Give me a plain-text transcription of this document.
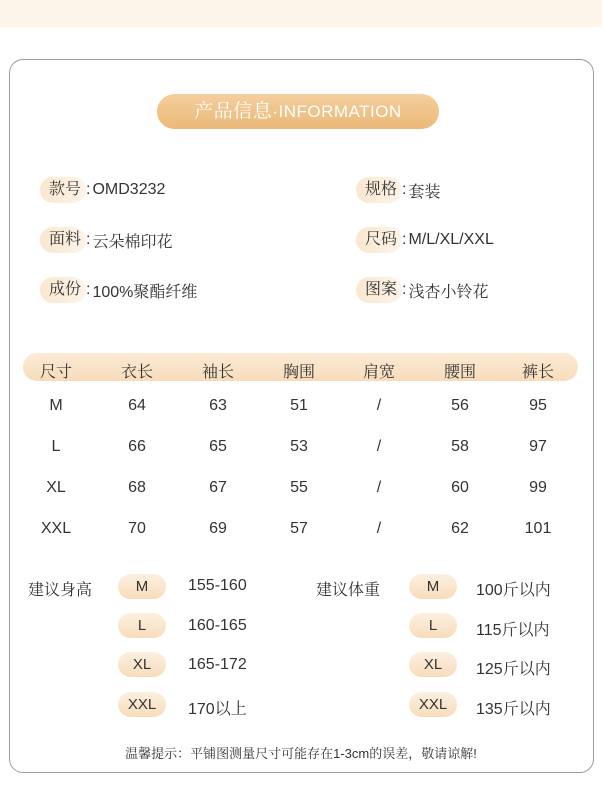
产品信息·INFORMATION
款号 : OMD3232	规格 : 套装
面料 : 云朵棉印花	尺码 : M/L/XL/XXL
成份 : 100%聚酯纤维	图案 : 浅杏小铃花
尺寸	衣长	袖长	胸围	肩宽	腰围	裤长
M	64	63	51	/	56	95
L	66	65	53	/	58	97
XL	68	67	55	/	60	99
XXL	70	69	57	/	62	101
建议身高	M	155-160
L	160-165
XL	165-172
XXL	170以上
建议体重	M	100斤以内
L	115斤以内
XL	125斤以内
XXL	135斤以内
温馨提示：平铺图测量尺寸可能存在1-3cm的误差，敬请谅解!
